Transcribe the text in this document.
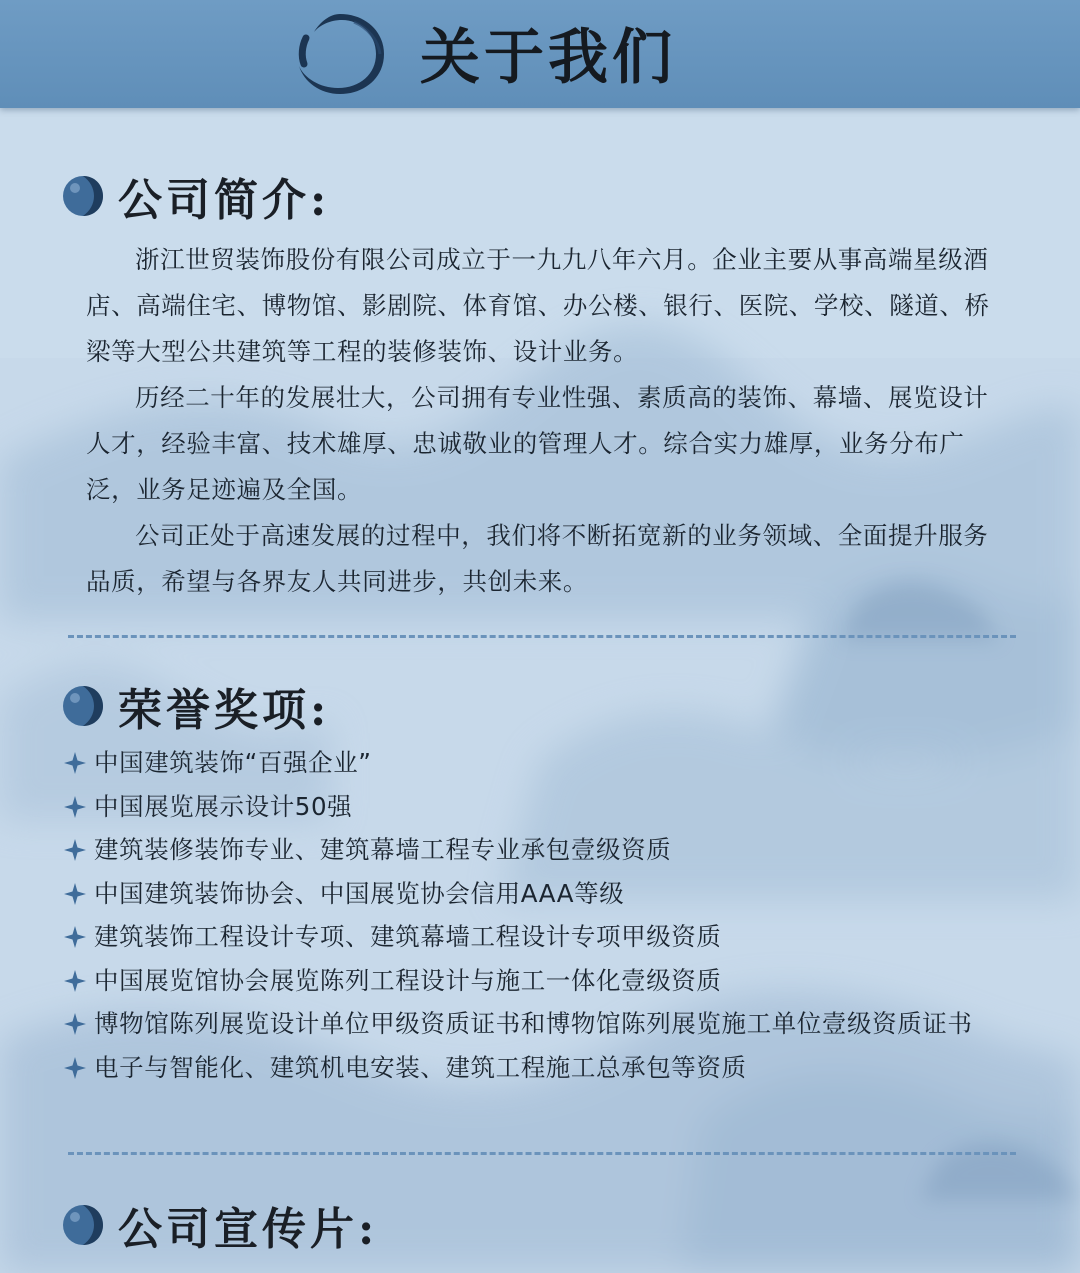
关于我们
公司简介:

浙江世贸装饰股份有限公司成立于一九九八年六月。企业主要从事高端星级酒店、高端住宅、博物馆、影剧院、体育馆、办公楼、银行、医院、学校、隧道、桥梁等大型公共建筑等工程的装修装饰、设计业务。

历经二十年的发展壮大，公司拥有专业性强、素质高的装饰、幕墙、展览设计人才，经验丰富、技术雄厚、忠诚敬业的管理人才。综合实力雄厚，业务分布广泛，业务足迹遍及全国。

公司正处于高速发展的过程中，我们将不断拓宽新的业务领域、全面提升服务品质，希望与各界友人共同进步，共创未来。

荣誉奖项:
中国建筑装饰“百强企业”
中国展览展示设计50强
建筑装修装饰专业、建筑幕墙工程专业承包壹级资质
中国建筑装饰协会、中国展览协会信用AAA等级
建筑装饰工程设计专项、建筑幕墙工程设计专项甲级资质
中国展览馆协会展览陈列工程设计与施工一体化壹级资质
博物馆陈列展览设计单位甲级资质证书和博物馆陈列展览施工单位壹级资质证书
电子与智能化、建筑机电安装、建筑工程施工总承包等资质
公司宣传片:
